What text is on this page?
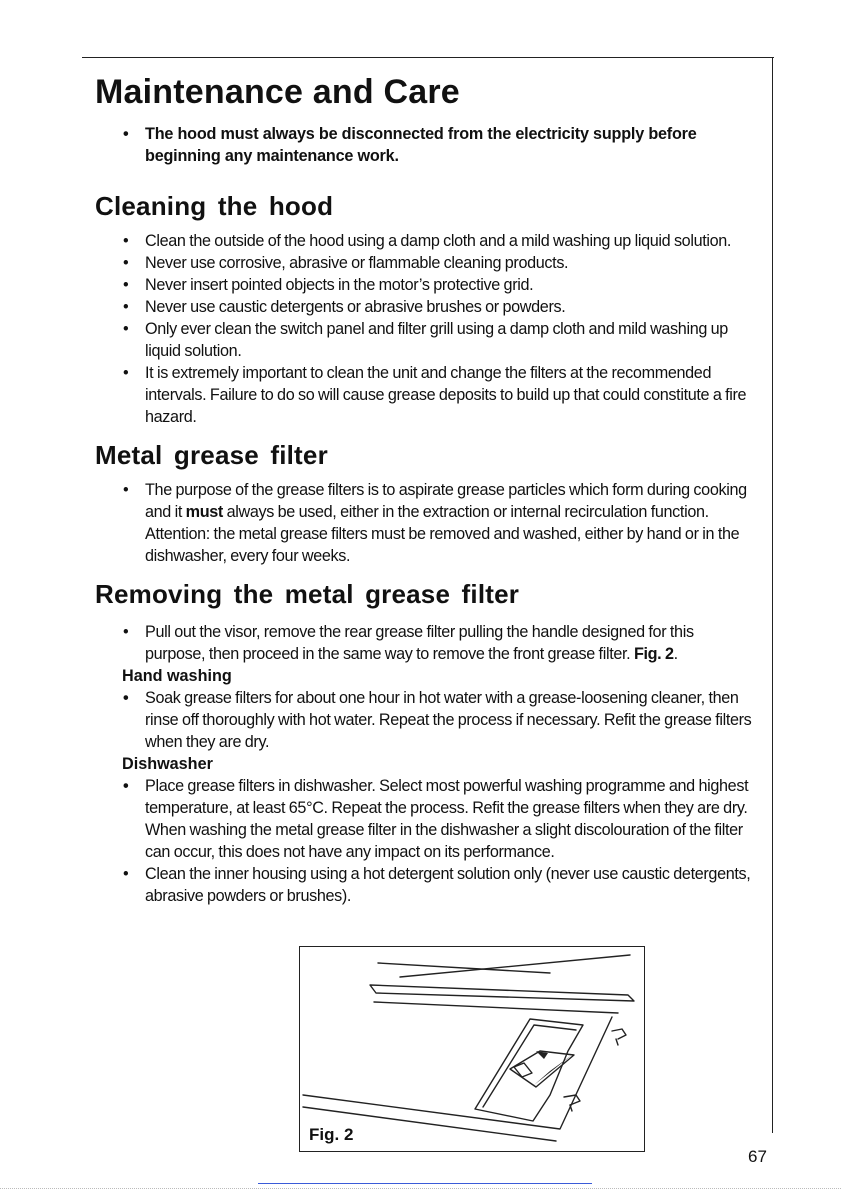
Maintenance and Care
• The hood must always be disconnected from the electricity supply before beginning any maintenance work.
Cleaning the hood
• Clean the outside of the hood using a damp cloth and a mild washing up liquid solution.
• Never use corrosive, abrasive or flammable cleaning products.
• Never insert pointed objects in the motor’s protective grid.
• Never use caustic detergents or abrasive brushes or powders.
• Only ever clean the switch panel and filter grill using a damp cloth and mild washing up liquid solution.
• It is extremely important to clean the unit and change the filters at the recommended intervals. Failure to do so will cause grease deposits to build up that could constitute a fire hazard.
Metal grease filter
• The purpose of the grease filters is to aspirate grease particles which form during cooking and it must always be used, either in the extraction or internal recirculation function. Attention: the metal grease filters must be removed and washed, either by hand or in the dishwasher, every four weeks.
Removing the metal grease filter
• Pull out the visor, remove the rear grease filter pulling the handle designed for this purpose, then proceed in the same way to remove the front grease filter. Fig. 2.
Hand washing
• Soak grease filters for about one hour in hot water with a grease-loosening cleaner, then rinse off thoroughly with hot water. Repeat the process if necessary. Refit the grease filters when they are dry.
Dishwasher
• Place grease filters in dishwasher. Select most powerful washing programme and highest temperature, at least 65°C. Repeat the process. Refit the grease filters when they are dry. When washing the metal grease filter in the dishwasher a slight discolouration of the filter can occur, this does not have any impact on its performance.
• Clean the inner housing using a hot detergent solution only (never use caustic detergents, abrasive powders or brushes).
Fig. 2
67
